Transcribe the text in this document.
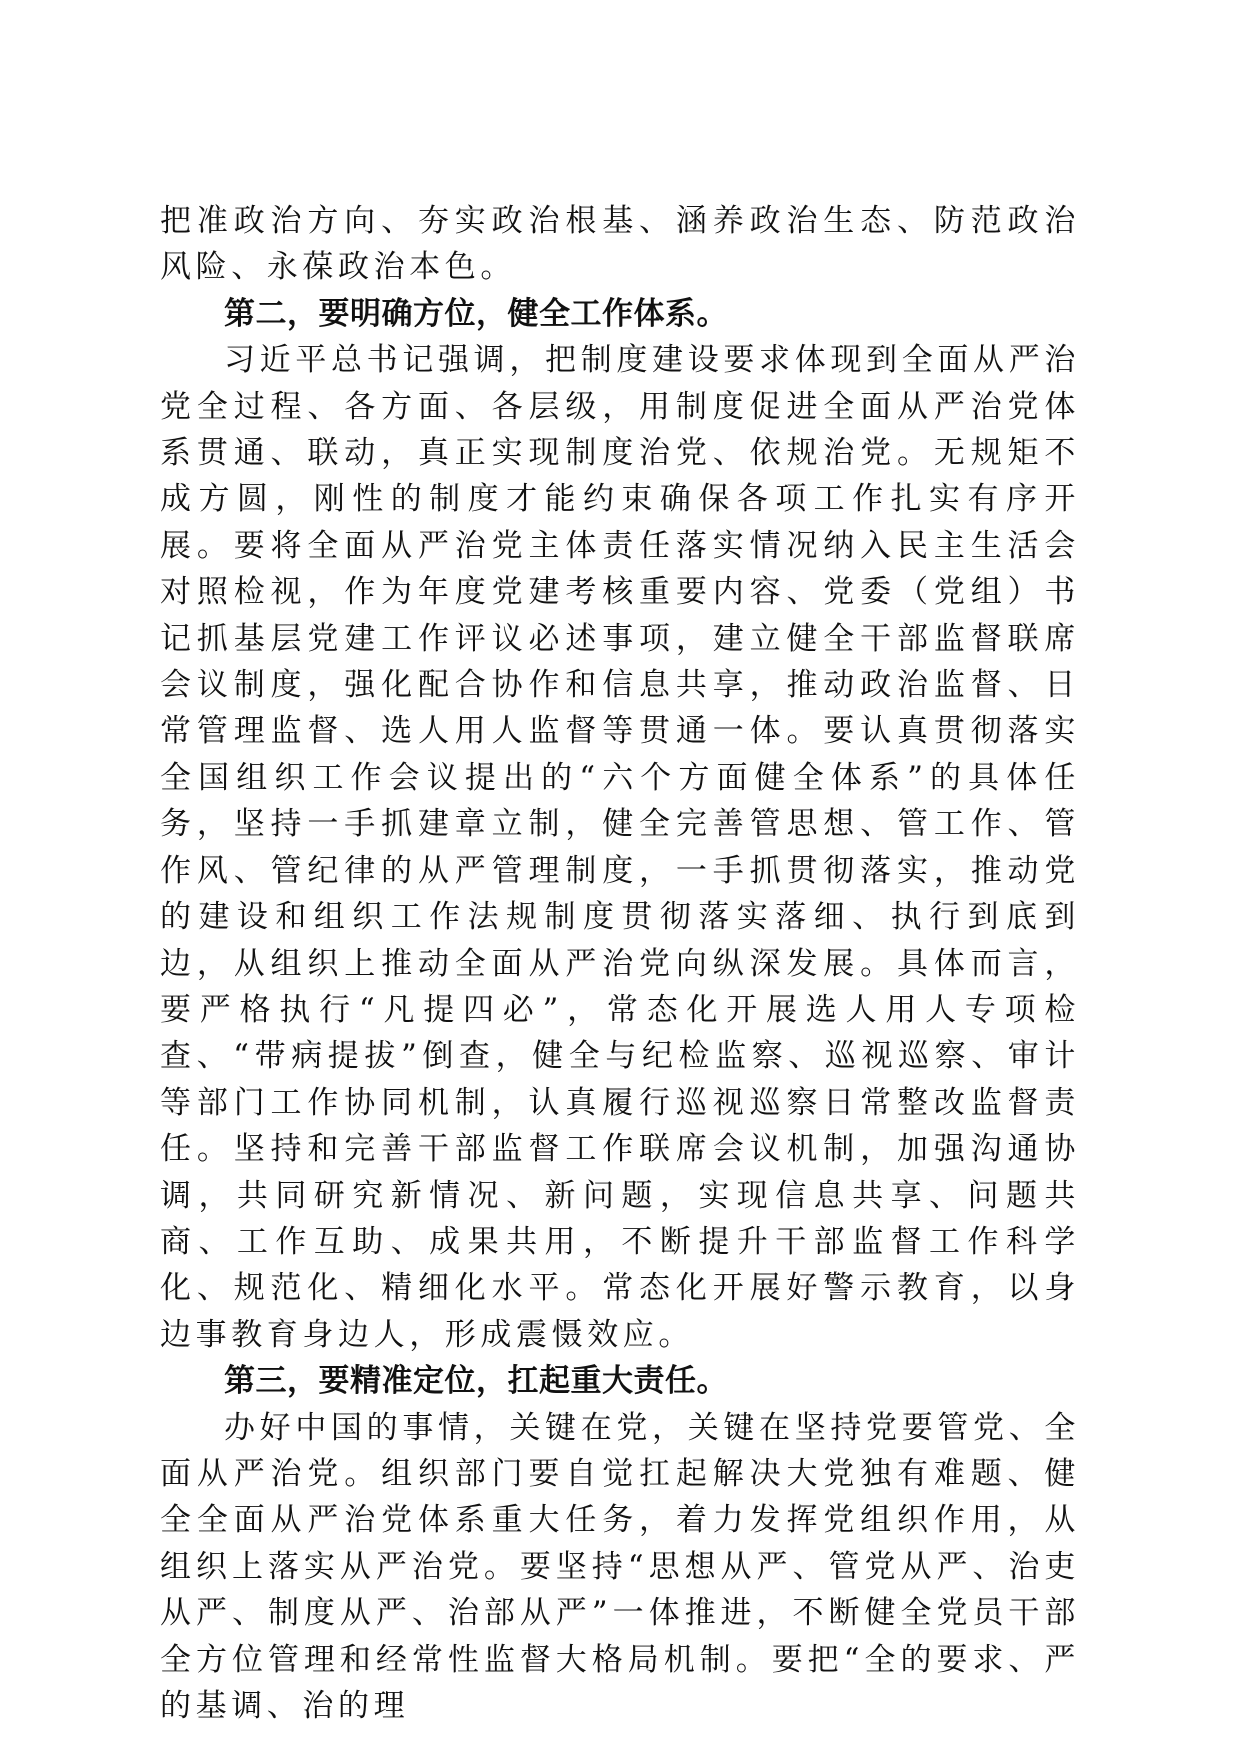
把准政治方向、夯实政治根基、涵养政治生态、防范政治风险、永葆政治本色。

第二，要明确方位，健全工作体系。

习近平总书记强调，把制度建设要求体现到全面从严治党全过程、各方面、各层级，用制度促进全面从严治党体系贯通、联动，真正实现制度治党、依规治党。无规矩不成方圆，刚性的制度才能约束确保各项工作扎实有序开展。要将全面从严治党主体责任落实情况纳入民主生活会对照检视，作为年度党建考核重要内容、党委（党组）书记抓基层党建工作评议必述事项，建立健全干部监督联席会议制度，强化配合协作和信息共享，推动政治监督、日常管理监督、选人用人监督等贯通一体。要认真贯彻落实全国组织工作会议提出的“六个方面健全体系”的具体任务，坚持一手抓建章立制，健全完善管思想、管工作、管作风、管纪律的从严管理制度，一手抓贯彻落实，推动党的建设和组织工作法规制度贯彻落实落细、执行到底到边，从组织上推动全面从严治党向纵深发展。具体而言，要严格执行“凡提四必”，常态化开展选人用人专项检查、“带病提拔”倒查，健全与纪检监察、巡视巡察、审计等部门工作协同机制，认真履行巡视巡察日常整改监督责任。坚持和完善干部监督工作联席会议机制，加强沟通协调，共同研究新情况、新问题，实现信息共享、问题共商、工作互助、成果共用，不断提升干部监督工作科学化、规范化、精细化水平。常态化开展好警示教育，以身边事教育身边人，形成震慑效应。

第三，要精准定位，扛起重大责任。

办好中国的事情，关键在党，关键在坚持党要管党、全面从严治党。组织部门要自觉扛起解决大党独有难题、健全全面从严治党体系重大任务，着力发挥党组织作用，从组织上落实从严治党。要坚持“思想从严、管党从严、治吏从严、制度从严、治部从严”一体推进，不断健全党员干部全方位管理和经常性监督大格局机制。要把“全的要求、严的基调、治的理
